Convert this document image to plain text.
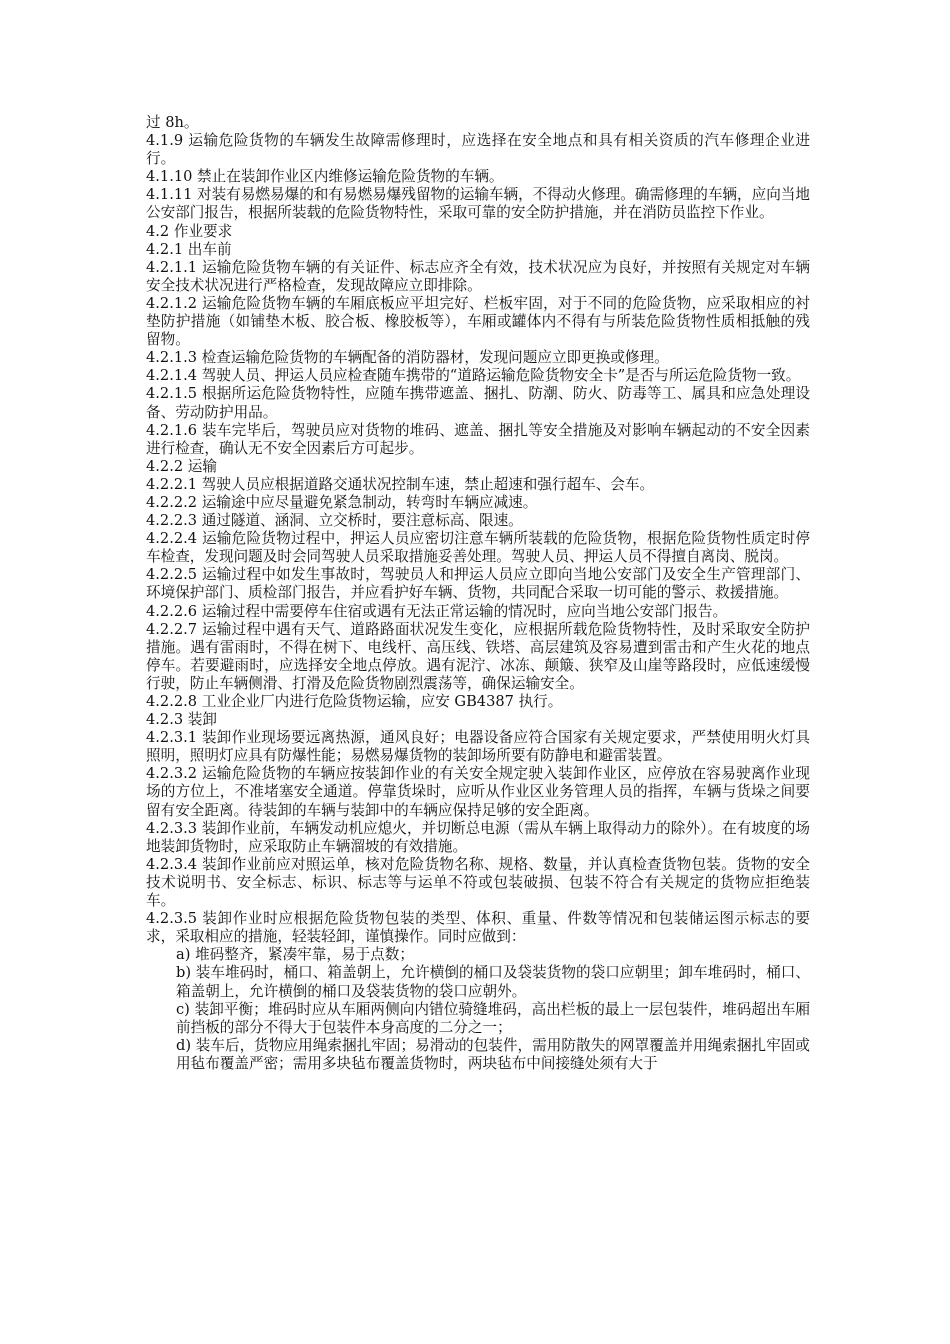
过 8h。

4.1.9 运输危险货物的车辆发生故障需修理时，应选择在安全地点和具有相关资质的汽车修理企业进行。

4.1.10 禁止在装卸作业区内维修运输危险货物的车辆。

4.1.11 对装有易燃易爆的和有易燃易爆残留物的运输车辆，不得动火修理。确需修理的车辆，应向当地公安部门报告，根据所装载的危险货物特性，采取可靠的安全防护措施，并在消防员监控下作业。

4.2 作业要求

4.2.1 出车前

4.2.1.1 运输危险货物车辆的有关证件、标志应齐全有效，技术状况应为良好，并按照有关规定对车辆安全技术状况进行严格检查，发现故障应立即排除。

4.2.1.2 运输危险货物车辆的车厢底板应平坦完好、栏板牢固，对于不同的危险货物，应采取相应的衬垫防护措施（如铺垫木板、胶合板、橡胶板等），车厢或罐体内不得有与所装危险货物性质相抵触的残留物。

4.2.1.3 检查运输危险货物的车辆配备的消防器材，发现问题应立即更换或修理。

4.2.1.4 驾驶人员、押运人员应检查随车携带的“道路运输危险货物安全卡”是否与所运危险货物一致。

4.2.1.5 根据所运危险货物特性，应随车携带遮盖、捆扎、防潮、防火、防毒等工、属具和应急处理设备、劳动防护用品。

4.2.1.6 装车完毕后，驾驶员应对货物的堆码、遮盖、捆扎等安全措施及对影响车辆起动的不安全因素进行检查，确认无不安全因素后方可起步。

4.2.2 运输

4.2.2.1 驾驶人员应根据道路交通状况控制车速，禁止超速和强行超车、会车。

4.2.2.2 运输途中应尽量避免紧急制动，转弯时车辆应减速。

4.2.2.3 通过隧道、涵洞、立交桥时，要注意标高、限速。

4.2.2.4 运输危险货物过程中，押运人员应密切注意车辆所装载的危险货物，根据危险货物性质定时停车检查，发现问题及时会同驾驶人员采取措施妥善处理。驾驶人员、押运人员不得擅自离岗、脱岗。

4.2.2.5 运输过程中如发生事故时，驾驶员人和押运人员应立即向当地公安部门及安全生产管理部门、环境保护部门、质检部门报告，并应看护好车辆、货物，共同配合采取一切可能的警示、救援措施。

4.2.2.6 运输过程中需要停车住宿或遇有无法正常运输的情况时，应向当地公安部门报告。

4.2.2.7 运输过程中遇有天气、道路路面状况发生变化，应根据所载危险货物特性，及时采取安全防护措施。遇有雷雨时，不得在树下、电线杆、高压线、铁塔、高层建筑及容易遭到雷击和产生火花的地点停车。若要避雨时，应选择安全地点停放。遇有泥泞、冰冻、颠簸、狭窄及山崖等路段时，应低速缓慢行驶，防止车辆侧滑、打滑及危险货物剧烈震荡等，确保运输安全。

4.2.2.8 工业企业厂内进行危险货物运输，应安 GB4387 执行。

4.2.3 装卸

4.2.3.1 装卸作业现场要远离热源，通风良好；电器设备应符合国家有关规定要求，严禁使用明火灯具照明，照明灯应具有防爆性能；易燃易爆货物的装卸场所要有防静电和避雷装置。

4.2.3.2 运输危险货物的车辆应按装卸作业的有关安全规定驶入装卸作业区，应停放在容易驶离作业现场的方位上，不准堵塞安全通道。停靠货垛时，应听从作业区业务管理人员的指挥，车辆与货垛之间要留有安全距离。待装卸的车辆与装卸中的车辆应保持足够的安全距离。

4.2.3.3 装卸作业前，车辆发动机应熄火，并切断总电源（需从车辆上取得动力的除外）。在有坡度的场地装卸货物时，应采取防止车辆溜坡的有效措施。

4.2.3.4 装卸作业前应对照运单，核对危险货物名称、规格、数量，并认真检查货物包装。货物的安全技术说明书、安全标志、标识、标志等与运单不符或包装破损、包装不符合有关规定的货物应拒绝装车。

4.2.3.5 装卸作业时应根据危险货物包装的类型、体积、重量、件数等情况和包装储运图示标志的要求，采取相应的措施，轻装轻卸，谨慎操作。同时应做到：

a) 堆码整齐，紧凑牢靠，易于点数；

b) 装车堆码时，桶口、箱盖朝上，允许横倒的桶口及袋装货物的袋口应朝里；卸车堆码时，桶口、箱盖朝上，允许横倒的桶口及袋装货物的袋口应朝外。

c) 装卸平衡；堆码时应从车厢两侧向内错位骑缝堆码，高出栏板的最上一层包装件，堆码超出车厢前挡板的部分不得大于包装件本身高度的二分之一；

d) 装车后，货物应用绳索捆扎牢固；易滑动的包装件，需用防散失的网罩覆盖并用绳索捆扎牢固或用毡布覆盖严密；需用多块毡布覆盖货物时，两块毡布中间接缝处须有大于
